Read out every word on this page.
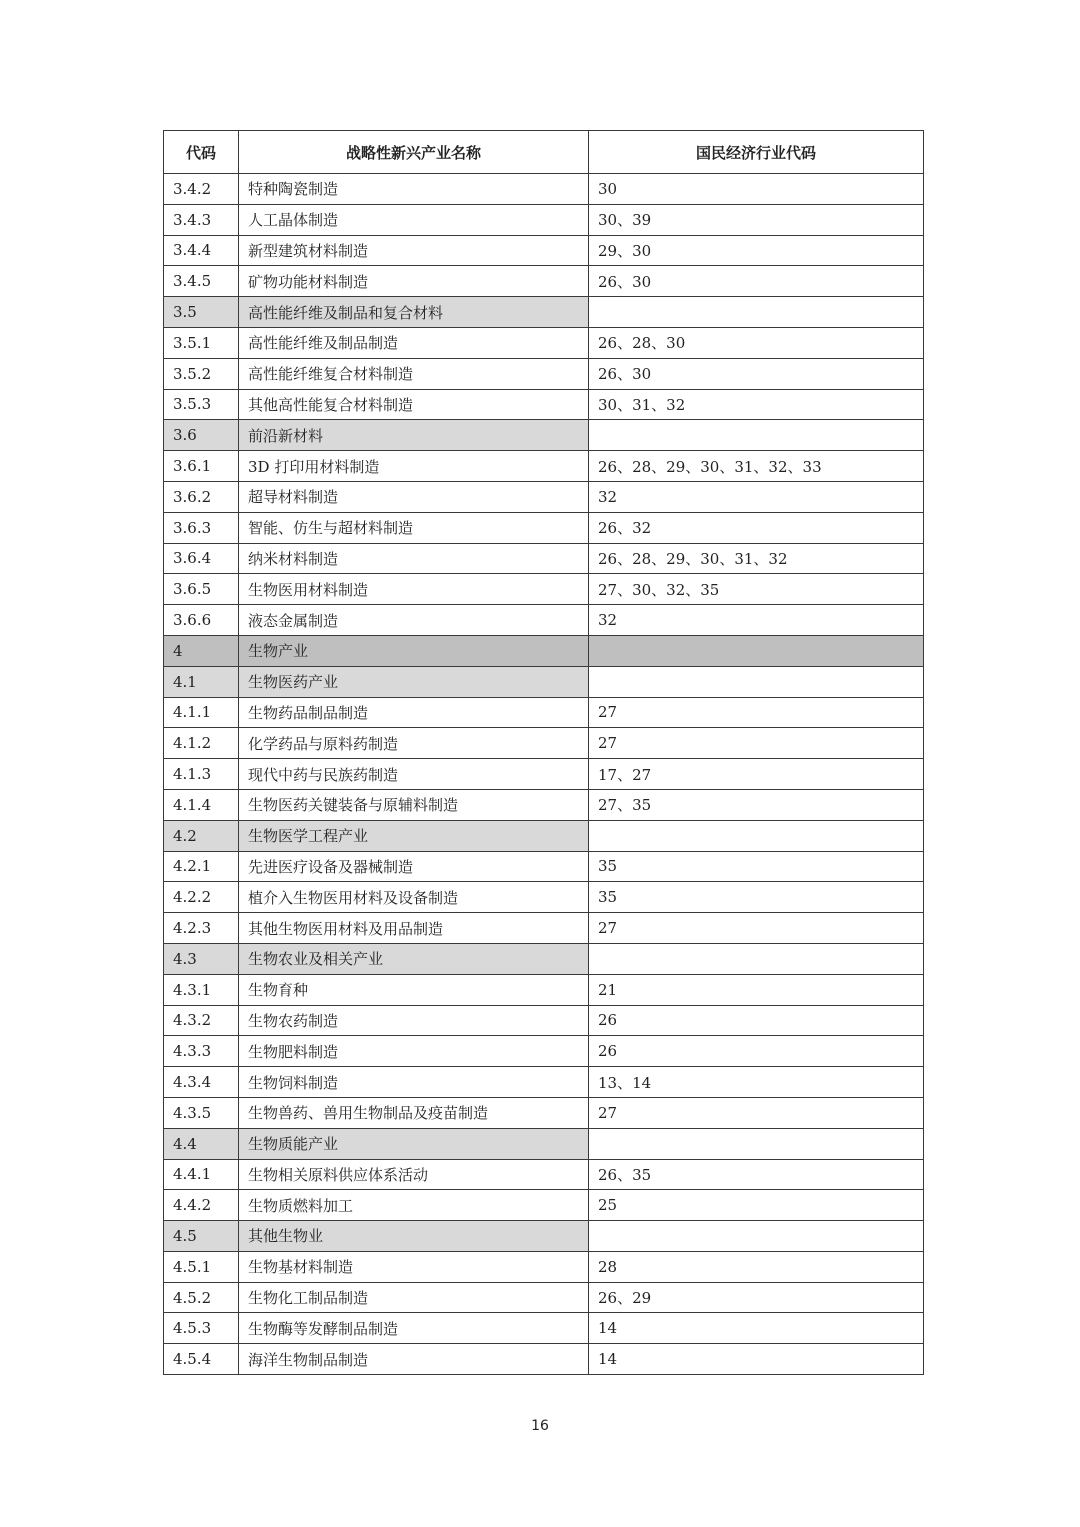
代码	战略性新兴产业名称	国民经济行业代码
3.4.2	特种陶瓷制造	30
3.4.3	人工晶体制造	30、39
3.4.4	新型建筑材料制造	29、30
3.4.5	矿物功能材料制造	26、30
3.5	高性能纤维及制品和复合材料	
3.5.1	高性能纤维及制品制造	26、28、30
3.5.2	高性能纤维复合材料制造	26、30
3.5.3	其他高性能复合材料制造	30、31、32
3.6	前沿新材料	
3.6.1	3D 打印用材料制造	26、28、29、30、31、32、33
3.6.2	超导材料制造	32
3.6.3	智能、仿生与超材料制造	26、32
3.6.4	纳米材料制造	26、28、29、30、31、32
3.6.5	生物医用材料制造	27、30、32、35
3.6.6	液态金属制造	32
4	生物产业	
4.1	生物医药产业	
4.1.1	生物药品制品制造	27
4.1.2	化学药品与原料药制造	27
4.1.3	现代中药与民族药制造	17、27
4.1.4	生物医药关键装备与原辅料制造	27、35
4.2	生物医学工程产业	
4.2.1	先进医疗设备及器械制造	35
4.2.2	植介入生物医用材料及设备制造	35
4.2.3	其他生物医用材料及用品制造	27
4.3	生物农业及相关产业	
4.3.1	生物育种	21
4.3.2	生物农药制造	26
4.3.3	生物肥料制造	26
4.3.4	生物饲料制造	13、14
4.3.5	生物兽药、兽用生物制品及疫苗制造	27
4.4	生物质能产业	
4.4.1	生物相关原料供应体系活动	26、35
4.4.2	生物质燃料加工	25
4.5	其他生物业	
4.5.1	生物基材料制造	28
4.5.2	生物化工制品制造	26、29
4.5.3	生物酶等发酵制品制造	14
4.5.4	海洋生物制品制造	14
16
